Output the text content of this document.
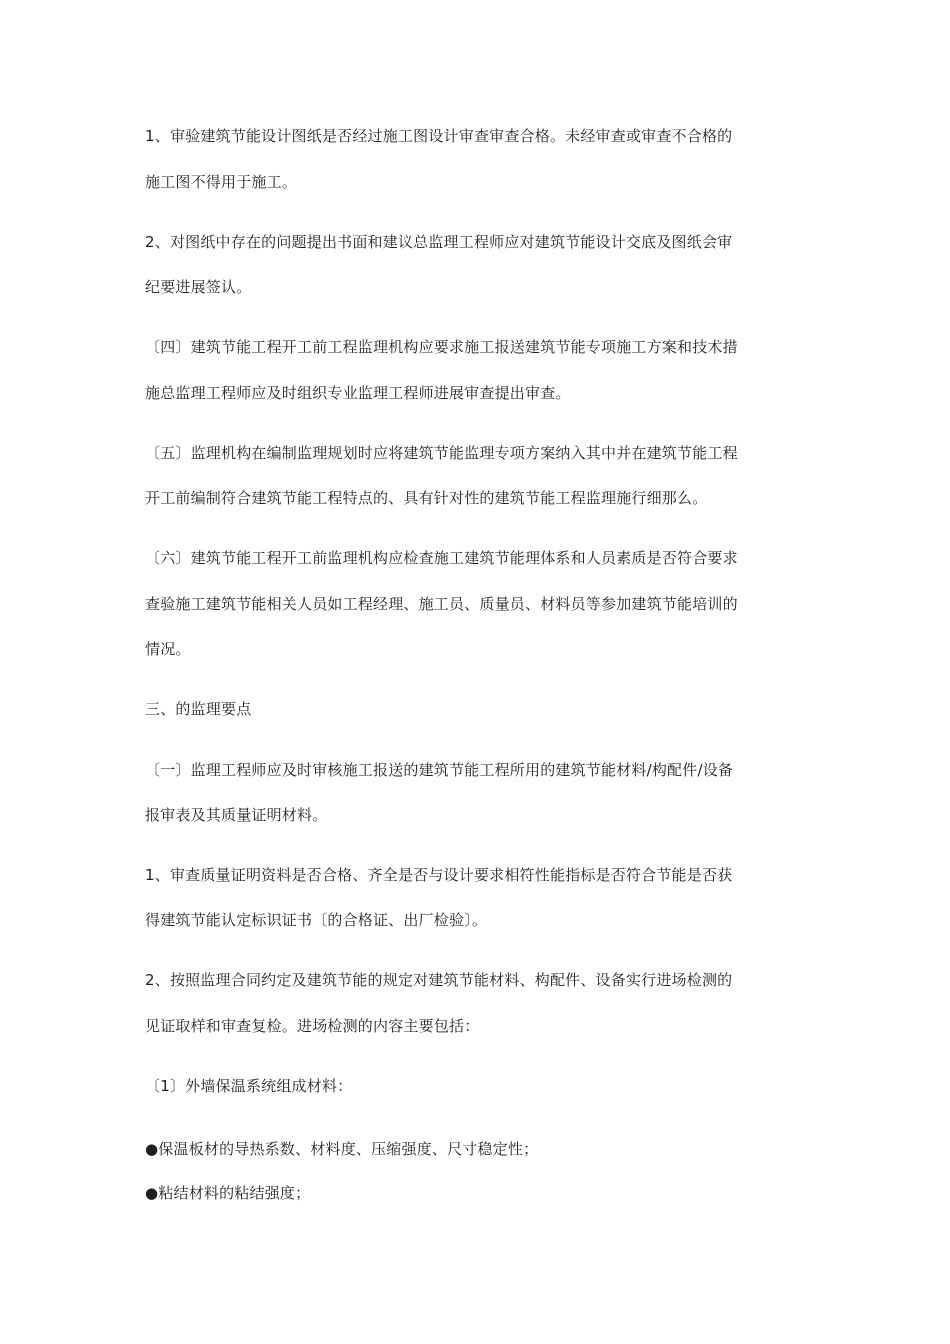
1、审验建筑节能设计图纸是否经过施工图设计审查审查合格。未经审查或审查不合格的
施工图不得用于施工。
2、对图纸中存在的问题提出书面和建议总监理工程师应对建筑节能设计交底及图纸会审
纪要进展签认。
〔四〕建筑节能工程开工前工程监理机构应要求施工报送建筑节能专项施工方案和技术措
施总监理工程师应及时组织专业监理工程师进展审查提出审查。
〔五〕监理机构在编制监理规划时应将建筑节能监理专项方案纳入其中并在建筑节能工程
开工前编制符合建筑节能工程特点的、具有针对性的建筑节能工程监理施行细那么。
〔六〕建筑节能工程开工前监理机构应检查施工建筑节能理体系和人员素质是否符合要求
查验施工建筑节能相关人员如工程经理、施工员、质量员、材料员等参加建筑节能培训的
情况。
三、的监理要点
〔一〕监理工程师应及时审核施工报送的建筑节能工程所用的建筑节能材料/构配件/设备
报审表及其质量证明材料。
1、审查质量证明资料是否合格、齐全是否与设计要求相符性能指标是否符合节能是否获
得建筑节能认定标识证书〔的合格证、出厂检验〕。
2、按照监理合同约定及建筑节能的规定对建筑节能材料、构配件、设备实行进场检测的
见证取样和审查复检。进场检测的内容主要包括：
〔1〕外墙保温系统组成材料：
●保温板材的导热系数、材料度、压缩强度、尺寸稳定性；
●粘结材料的粘结强度；
